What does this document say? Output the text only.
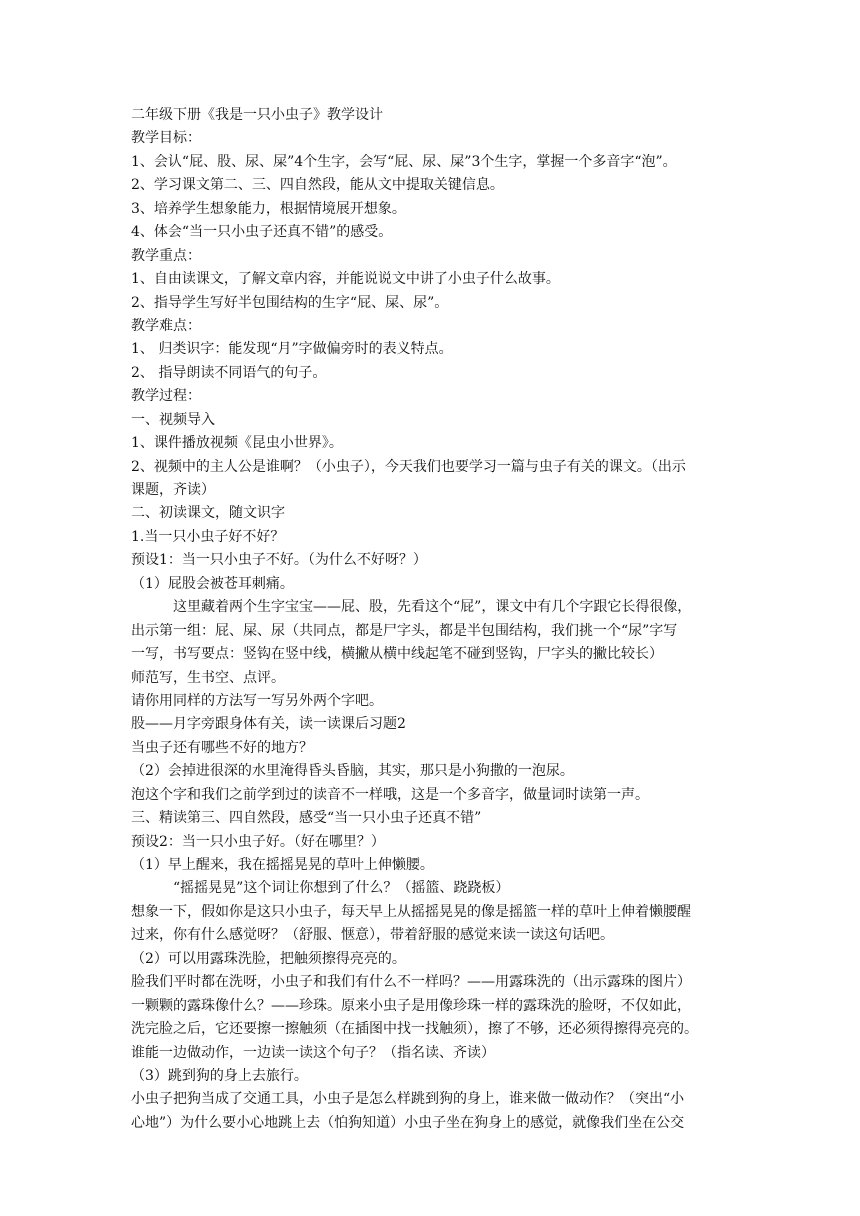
二年级下册《我是一只小虫子》教学设计
教学目标：
1、会认“屁、股、尿、屎”4个生字，会写“屁、尿、屎”3个生字，掌握一个多音字“泡”。
2、学习课文第二、三、四自然段，能从文中提取关键信息。
3、培养学生想象能力，根据情境展开想象。
4、体会“当一只小虫子还真不错”的感受。
教学重点：
1、自由读课文，了解文章内容，并能说说文中讲了小虫子什么故事。
2、指导学生写好半包围结构的生字“屁、屎、尿”。
教学难点：
1、 归类识字：能发现“月”字做偏旁时的表义特点。
2、 指导朗读不同语气的句子。
教学过程：
一、视频导入
1、课件播放视频《昆虫小世界》。
2、视频中的主人公是谁啊？（小虫子），今天我们也要学习一篇与虫子有关的课文。（出示
课题，齐读）
二、初读课文，随文识字
1.当一只小虫子好不好？
预设1：当一只小虫子不好。（为什么不好呀？）
（1）屁股会被苍耳刺痛。
这里藏着两个生字宝宝——屁、股，先看这个“屁”，课文中有几个字跟它长得很像，
出示第一组：屁、屎、尿（共同点，都是尸字头，都是半包围结构，我们挑一个“尿”字写
一写，书写要点：竖钩在竖中线，横撇从横中线起笔不碰到竖钩，尸字头的撇比较长）
师范写，生书空、点评。
请你用同样的方法写一写另外两个字吧。
股——月字旁跟身体有关，读一读课后习题2
当虫子还有哪些不好的地方？
（2）会掉进很深的水里淹得昏头昏脑，其实，那只是小狗撒的一泡尿。
泡这个字和我们之前学到过的读音不一样哦，这是一个多音字，做量词时读第一声。
三、精读第三、四自然段，感受“当一只小虫子还真不错”
预设2：当一只小虫子好。（好在哪里？）
（1）早上醒来，我在摇摇晃晃的草叶上伸懒腰。
“摇摇晃晃”这个词让你想到了什么？（摇篮、跷跷板）
想象一下，假如你是这只小虫子，每天早上从摇摇晃晃的像是摇篮一样的草叶上伸着懒腰醒
过来，你有什么感觉呀？（舒服、惬意），带着舒服的感觉来读一读这句话吧。
（2）可以用露珠洗脸，把触须擦得亮亮的。
脸我们平时都在洗呀，小虫子和我们有什么不一样吗？——用露珠洗的（出示露珠的图片）
一颗颗的露珠像什么？——珍珠。原来小虫子是用像珍珠一样的露珠洗的脸呀，不仅如此，
洗完脸之后，它还要擦一擦触须（在插图中找一找触须），擦了不够，还必须得擦得亮亮的。
谁能一边做动作，一边读一读这个句子？（指名读、齐读）
（3）跳到狗的身上去旅行。
小虫子把狗当成了交通工具，小虫子是怎么样跳到狗的身上，谁来做一做动作？（突出“小
心地”）为什么要小心地跳上去（怕狗知道）小虫子坐在狗身上的感觉，就像我们坐在公交
